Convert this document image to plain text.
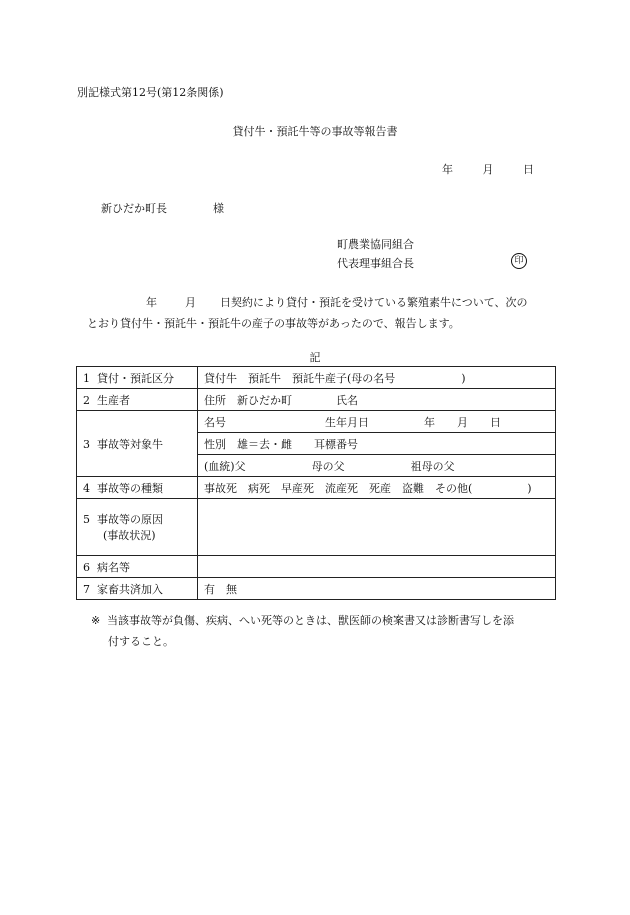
別記様式第12号(第12条関係)
貸付牛・預託牛等の事故等報告書
年 月 日
新ひだか町長	様
町農業協同組合
代表理事組合長	印
年	月 日契約により貸付・預託を受けている繁殖素牛について、次の
とおり貸付牛・預託牛・預託牛の産子の事故等があったので、報告します。
記
1 貸付・預託区分	貸付牛　預託牛　預託牛産子(母の名号　　　　　　)
2 生産者	住所　新ひだか町　　　　氏名
3 事故等対象牛	名号　　　　　　　　　生年月日　　　　　年　　月　　日
	性別　雄＝去・雌　　耳標番号
	(血統)父　　　　　　母の父　　　　　　祖母の父
4 事故等の種類	事故死　病死　早産死　流産死　死産　盗難　その他(　　　　　)
5 事故等の原因
(事故状況)	

6 病名等	
7 家畜共済加入	有　無
※ 当該事故等が負傷、疾病、へい死等のときは、獣医師の検案書又は診断書写しを添
付すること。
